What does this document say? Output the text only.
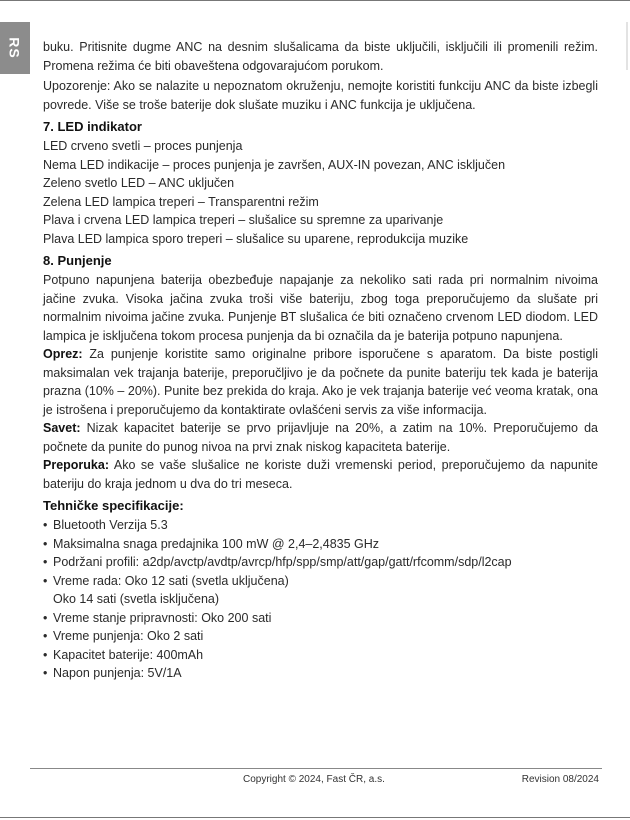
RS buku. Pritisnite dugme ANC na desnim slušalicama da biste uključili, isključili ili promenili režim. Promena režima će biti obaveštena odgovarajućom porukom.

Upozorenje: Ako se nalazite u nepoznatom okruženju, nemojte koristiti funkciju ANC da biste izbegli povrede. Više se troše baterije dok slušate muziku i ANC funkcija je uključena.

7. LED indikator

LED crveno svetli – proces punjenja

Nema LED indikacije – proces punjenja je završen, AUX-IN povezan, ANC isključen

Zeleno svetlo LED – ANC uključen

Zelena LED lampica treperi – Transparentni režim

Plava i crvena LED lampica treperi – slušalice su spremne za uparivanje

Plava LED lampica sporo treperi – slušalice su uparene, reprodukcija muzike

8. Punjenje

Potpuno napunjena baterija obezbeđuje napajanje za nekoliko sati rada pri normalnim nivoima jačine zvuka. Visoka jačina zvuka troši više bateriju, zbog toga preporučujemo da slušate pri normalnim nivoima jačine zvuka. Punjenje BT slušalica će biti označeno crvenom LED diodom. LED lampica je isključena tokom procesa punjenja da bi označila da je baterija potpuno napunjena.

Oprez: Za punjenje koristite samo originalne pribore isporučene s aparatom. Da biste postigli maksimalan vek trajanja baterije, preporučljivo je da počnete da punite bateriju tek kada je baterija prazna (10% – 20%). Punite bez prekida do kraja. Ako je vek trajanja baterije već veoma kratak, ona je istrošena i preporučujemo da kontaktirate ovlašćeni servis za više informacija.

Savet: Nizak kapacitet baterije se prvo prijavljuje na 20%, a zatim na 10%. Preporučujemo da počnete da punite do punog nivoa na prvi znak niskog kapaciteta baterije.

Preporuka: Ako se vaše slušalice ne koriste duži vremenski period, preporučujemo da napunite bateriju do kraja jednom u dva do tri meseca.

Tehničke specifikacije:
• Bluetooth Verzija 5.3
• Maksimalna snaga predajnika 100 mW @ 2,4–2,4835 GHz
• Podržani profili: a2dp/avctp/avdtp/avrcp/hfp/spp/smp/att/gap/gatt/rfcomm/sdp/l2cap
• Vreme rada: Oko 12 sati (svetla uključena)

Oko 14 sati (svetla isključena)

• Vreme stanje pripravnosti: Oko 200 sati
• Vreme punjenja: Oko 2 sati
• Kapacitet baterije: 400mAh
• Napon punjenja: 5V/1A
Copyright © 2024, Fast ČR, a.s.	Revision 08/2024
